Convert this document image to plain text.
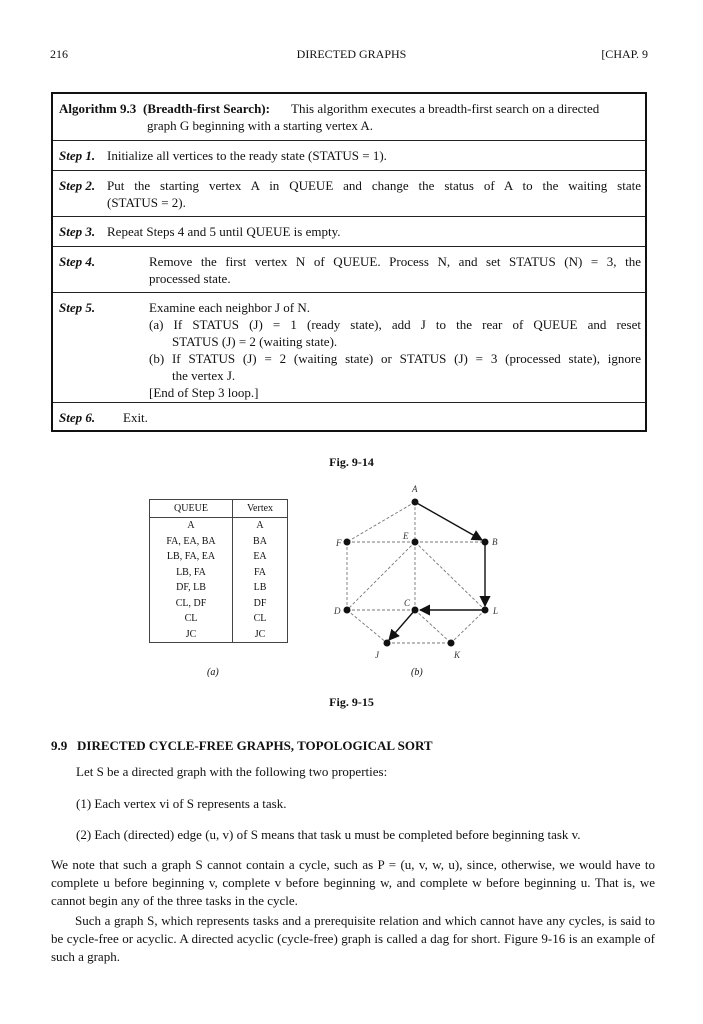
216	DIRECTED GRAPHS	[CHAP. 9
Algorithm 9.3 (Breadth-first Search): This algorithm executes a breadth-first search on a directed
graph G beginning with a starting vertex A.
Step 1. Initialize all vertices to the ready state (STATUS = 1).
Step 2. Put the starting vertex A in QUEUE and change the status of A to the waiting state
(STATUS = 2).
Step 3. Repeat Steps 4 and 5 until QUEUE is empty.
Step 4.	Remove the first vertex N of QUEUE. Process N, and set STATUS (N) = 3, the
processed state.
Step 5.	Examine each neighbor J of N.
(a) If STATUS (J) = 1 (ready state), add J to the rear of QUEUE and reset
STATUS (J) = 2 (waiting state).
(b) If STATUS (J) = 2 (waiting state) or STATUS (J) = 3 (processed state), ignore
the vertex J.
[End of Step 3 loop.]
Step 6. Exit.
Fig. 9-14
QUEUE	Vertex
A	A
FA, EA, BA	BA
LB, FA, EA	EA
LB, FA	FA
DF, LB	LB
CL, DF	DF
CL	CL
JC	JC
(a)
A
B
C
D
E
F
J	K
L
(b)
Fig. 9-15
9.9 DIRECTED CYCLE-FREE GRAPHS, TOPOLOGICAL SORT
Let S be a directed graph with the following two properties:
(1) Each vertex vi of S represents a task.
(2) Each (directed) edge (u, v) of S means that task u must be completed before beginning task v.
We note that such a graph S cannot contain a cycle, such as P = (u, v, w, u), since, otherwise, we would have to complete u before beginning v, complete v before beginning w, and complete w before beginning u. That is, we cannot begin any of the three tasks in the cycle.
Such a graph S, which represents tasks and a prerequisite relation and which cannot have any cycles, is said to be cycle-free or acyclic. A directed acyclic (cycle-free) graph is called a dag for short. Figure 9-16 is an example of such a graph.
